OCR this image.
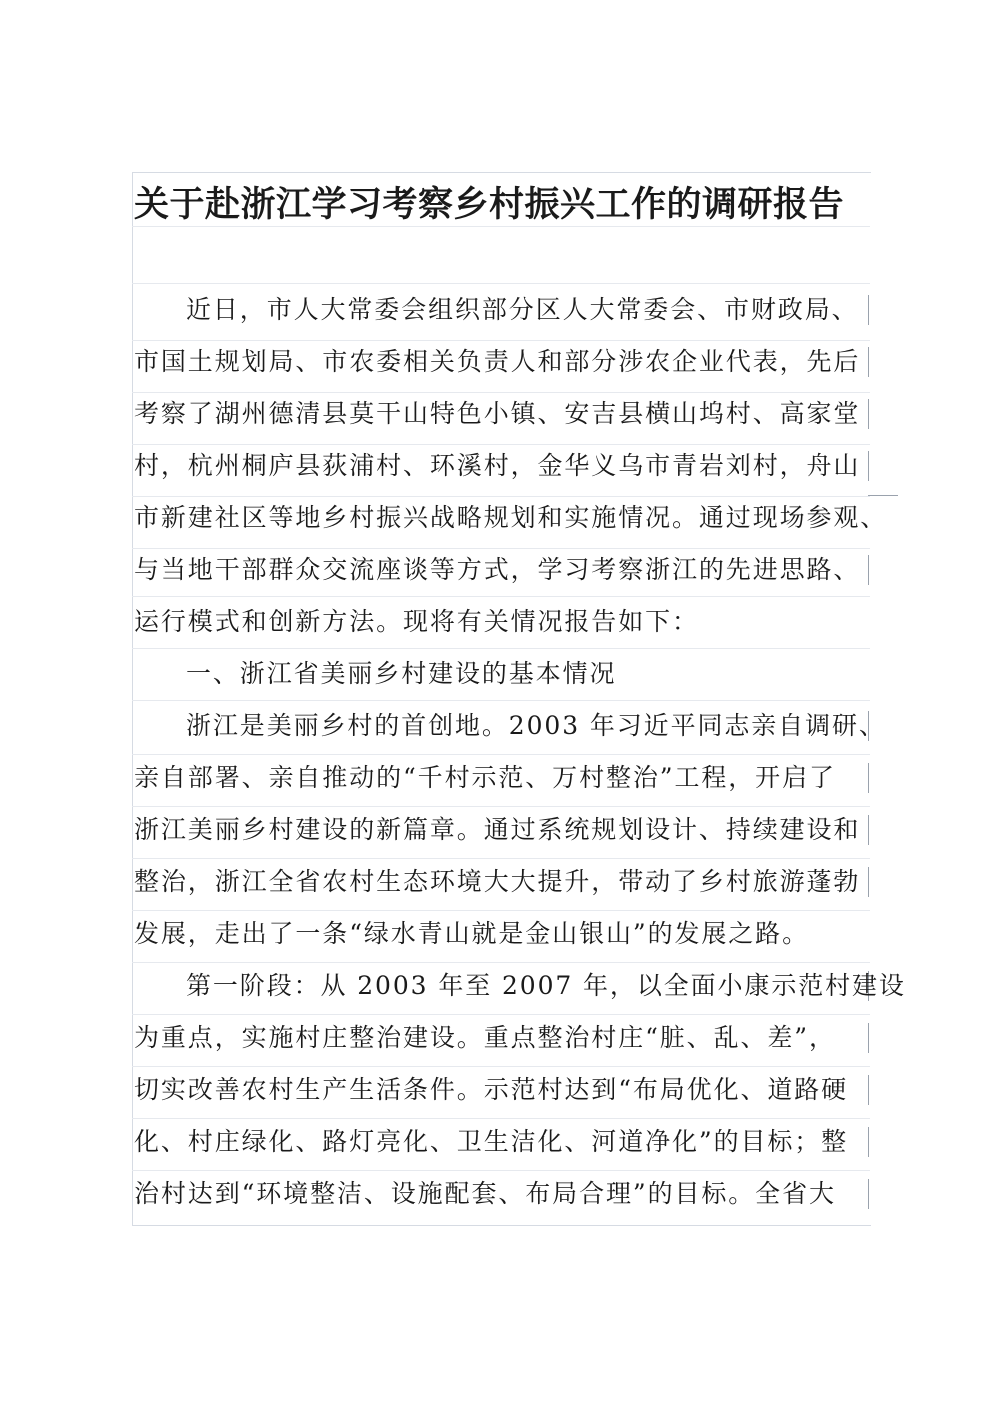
关于赴浙江学习考察乡村振兴工作的调研报告
近日，市人大常委会组织部分区人大常委会、市财政局、
市国土规划局、市农委相关负责人和部分涉农企业代表，先后
考察了湖州德清县莫干山特色小镇、安吉县横山坞村、高家堂
村，杭州桐庐县荻浦村、环溪村，金华义乌市青岩刘村，舟山
市新建社区等地乡村振兴战略规划和实施情况。通过现场参观、
与当地干部群众交流座谈等方式，学习考察浙江的先进思路、
运行模式和创新方法。现将有关情况报告如下：
一、浙江省美丽乡村建设的基本情况
浙江是美丽乡村的首创地。2003 年习近平同志亲自调研、
亲自部署、亲自推动的“千村示范、万村整治”工程，开启了
浙江美丽乡村建设的新篇章。通过系统规划设计、持续建设和
整治，浙江全省农村生态环境大大提升，带动了乡村旅游蓬勃
发展，走出了一条“绿水青山就是金山银山”的发展之路。
第一阶段：从 2003 年至 2007 年，以全面小康示范村建设
为重点，实施村庄整治建设。重点整治村庄“脏、乱、差”，
切实改善农村生产生活条件。示范村达到“布局优化、道路硬
化、村庄绿化、路灯亮化、卫生洁化、河道净化”的目标；整
治村达到“环境整洁、设施配套、布局合理”的目标。全省大
